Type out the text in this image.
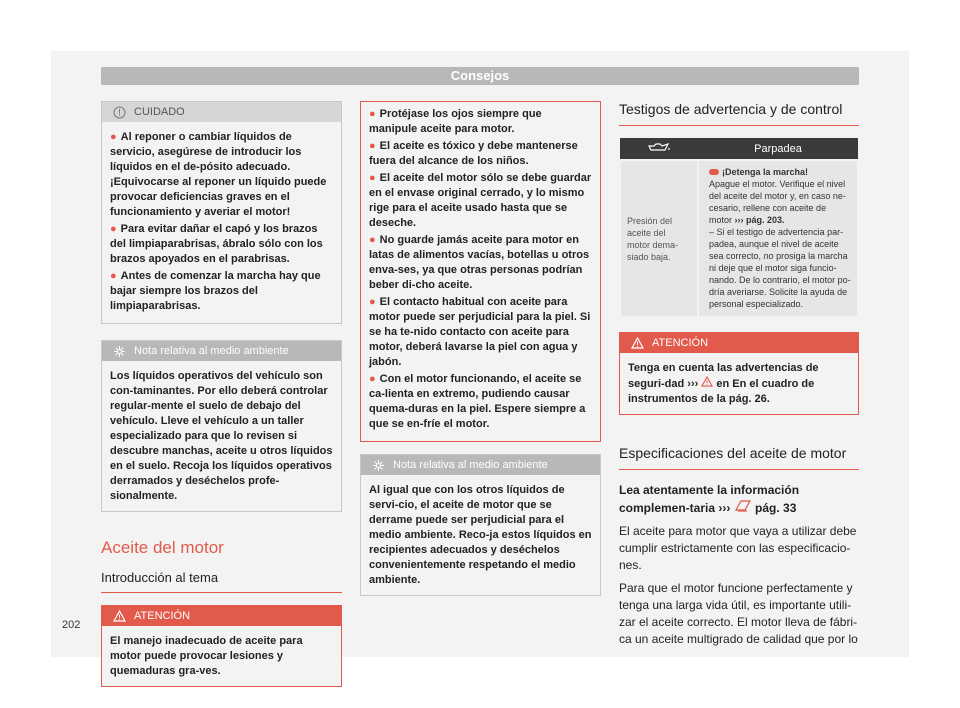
Consejos
CUIDADO

● Al reponer o cambiar líquidos de servicio, asegúrese de introducir los líquidos en el de-pósito adecuado. ¡Equivocarse al reponer un líquido puede provocar deficiencias graves en el funcionamiento y averiar el motor!

● Para evitar dañar el capó y los brazos del limpiaparabrisas, ábralo sólo con los brazos apoyados en el parabrisas.

● Antes de comenzar la marcha hay que bajar siempre los brazos del limpiaparabrisas.

Nota relativa al medio ambiente
Los líquidos operativos del vehículo son con-taminantes. Por ello deberá controlar regular-mente el suelo de debajo del vehículo. Lleve el vehículo a un taller especializado para que lo revisen si descubre manchas, aceite u otros líquidos en el suelo. Recoja los líquidos operativos derramados y deséchelos profe-sionalmente.
Aceite del motor
Introducción al tema
ATENCIÓN
El manejo inadecuado de aceite para motor puede provocar lesiones y quemaduras gra-ves.

● Protéjase los ojos siempre que manipule aceite para motor.

● El aceite es tóxico y debe mantenerse fuera del alcance de los niños.

● El aceite del motor sólo se debe guardar en el envase original cerrado, y lo mismo rige para el aceite usado hasta que se deseche.

● No guarde jamás aceite para motor en latas de alimentos vacías, botellas u otros enva-ses, ya que otras personas podrían beber di-cho aceite.

● El contacto habitual con aceite para motor puede ser perjudicial para la piel. Si se ha te-nido contacto con aceite para motor, deberá lavarse la piel con agua y jabón.

● Con el motor funcionando, el aceite se ca-lienta en extremo, pudiendo causar quema-duras en la piel. Espere siempre a que se en-fríe el motor.

Nota relativa al medio ambiente
Al igual que con los otros líquidos de servi-cio, el aceite de motor que se derrame puede ser perjudicial para el medio ambiente. Reco-ja estos líquidos en recipientes adecuados y deséchelos convenientemente respetando el medio ambiente.
Testigos de advertencia y de control
	Parpadea
Presión del aceite del motor dema-siado baja.	¡Detenga la marcha!
Apague el motor. Verifique el nivel del aceite del motor y, en caso ne-cesario, rellene con aceite de motor ››› pág. 203.
– Si el testigo de advertencia par-padea, aunque el nivel de aceite sea correcto, no prosiga la marcha ni deje que el motor siga funcio-nando. De lo contrario, el motor po-dría averiarse. Solicite la ayuda de personal especializado.
ATENCIÓN
Tenga en cuenta las advertencias de seguri-dad ››› en En el cuadro de instrumentos de la pág. 26.
Especificaciones del aceite de motor
Lea atentamente la información complemen-taria ››› pág. 33
El aceite para motor que vaya a utilizar debe cumplir estrictamente con las especificacio-nes.
Para que el motor funcione perfectamente y tenga una larga vida útil, es importante utili-zar el aceite correcto. El motor lleva de fábri-ca un aceite multigrado de calidad que por lo
202
